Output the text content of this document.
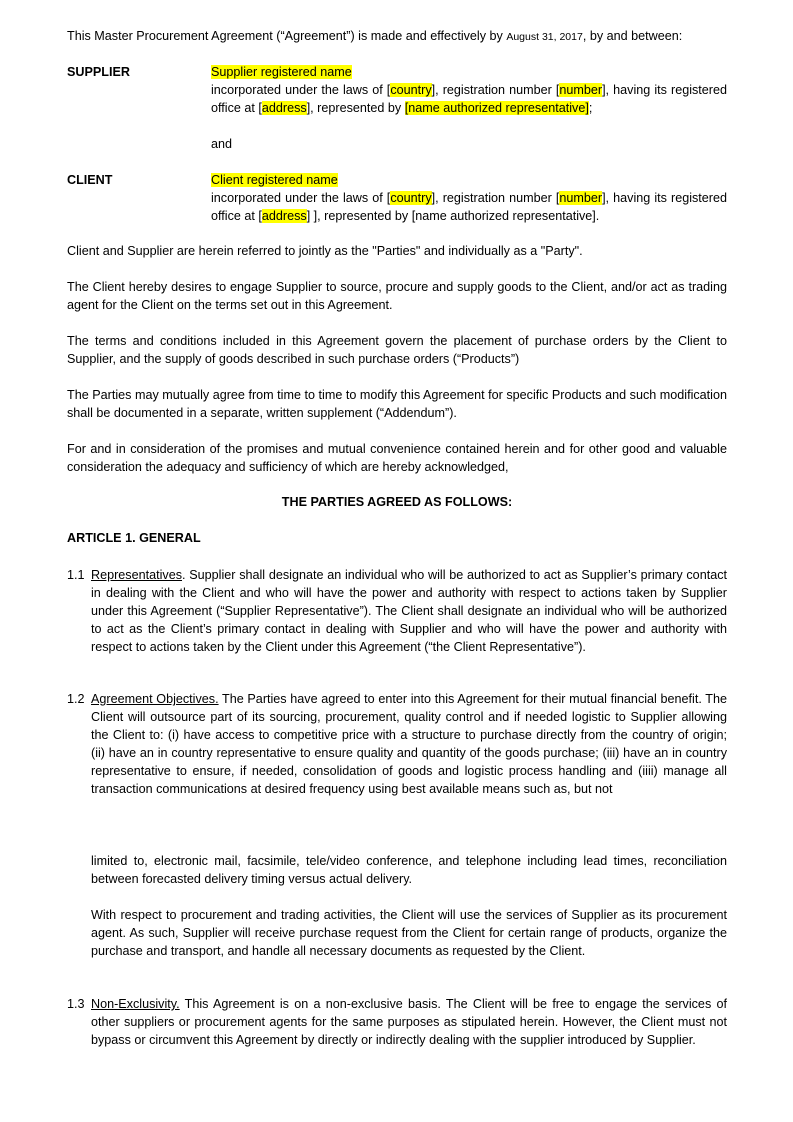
This Master Procurement Agreement (“Agreement”) is made and effectively by August 31, 2017, by and between:

SUPPLIER	Supplier registered name
incorporated under the laws of [country], registration number [number], having its registered office at [address], represented by [name authorized representative];

and

CLIENT	Client registered name
incorporated under the laws of [country], registration number [number], having its registered office at [address] ], represented by [name authorized representative].

Client and Supplier are herein referred to jointly as the "Parties" and individually as a "Party".

The Client hereby desires to engage Supplier to source, procure and supply goods to the Client, and/or act as trading agent for the Client on the terms set out in this Agreement.

The terms and conditions included in this Agreement govern the placement of purchase orders by the Client to Supplier, and the supply of goods described in such purchase orders (“Products”)

The Parties may mutually agree from time to time to modify this Agreement for specific Products and such modification shall be documented in a separate, written supplement (“Addendum”).

For and in consideration of the promises and mutual convenience contained herein and for other good and valuable consideration the adequacy and sufficiency of which are hereby acknowledged,

THE PARTIES AGREED AS FOLLOWS:
ARTICLE 1. GENERAL
1.1 Representatives. Supplier shall designate an individual who will be authorized to act as Supplier’s primary contact in dealing with the Client and who will have the power and authority with respect to actions taken by Supplier under this Agreement (“Supplier Representative”). The Client shall designate an individual who will be authorized to act as the Client’s primary contact in dealing with Supplier and who will have the power and authority with respect to actions taken by the Client under this Agreement (“the Client Representative”).

1.2 Agreement Objectives. The Parties have agreed to enter into this Agreement for their mutual financial benefit. The Client will outsource part of its sourcing, procurement, quality control and if needed logistic to Supplier allowing the Client to: (i) have access to competitive price with a structure to purchase directly from the country of origin; (ii) have an in country representative to ensure quality and quantity of the goods purchase; (iii) have an in country representative to ensure, if needed, consolidation of goods and logistic process handling and (iiii) manage all transaction communications at desired frequency using best available means such as, but not

limited to, electronic mail, facsimile, tele/video conference, and telephone including lead times, reconciliation between forecasted delivery timing versus actual delivery.

With respect to procurement and trading activities, the Client will use the services of Supplier as its procurement agent. As such, Supplier will receive purchase request from the Client for certain range of products, organize the purchase and transport, and handle all necessary documents as requested by the Client.

1.3 Non-Exclusivity. This Agreement is on a non-exclusive basis. The Client will be free to engage the services of other suppliers or procurement agents for the same purposes as stipulated herein. However, the Client must not bypass or circumvent this Agreement by directly or indirectly dealing with the supplier introduced by Supplier.
